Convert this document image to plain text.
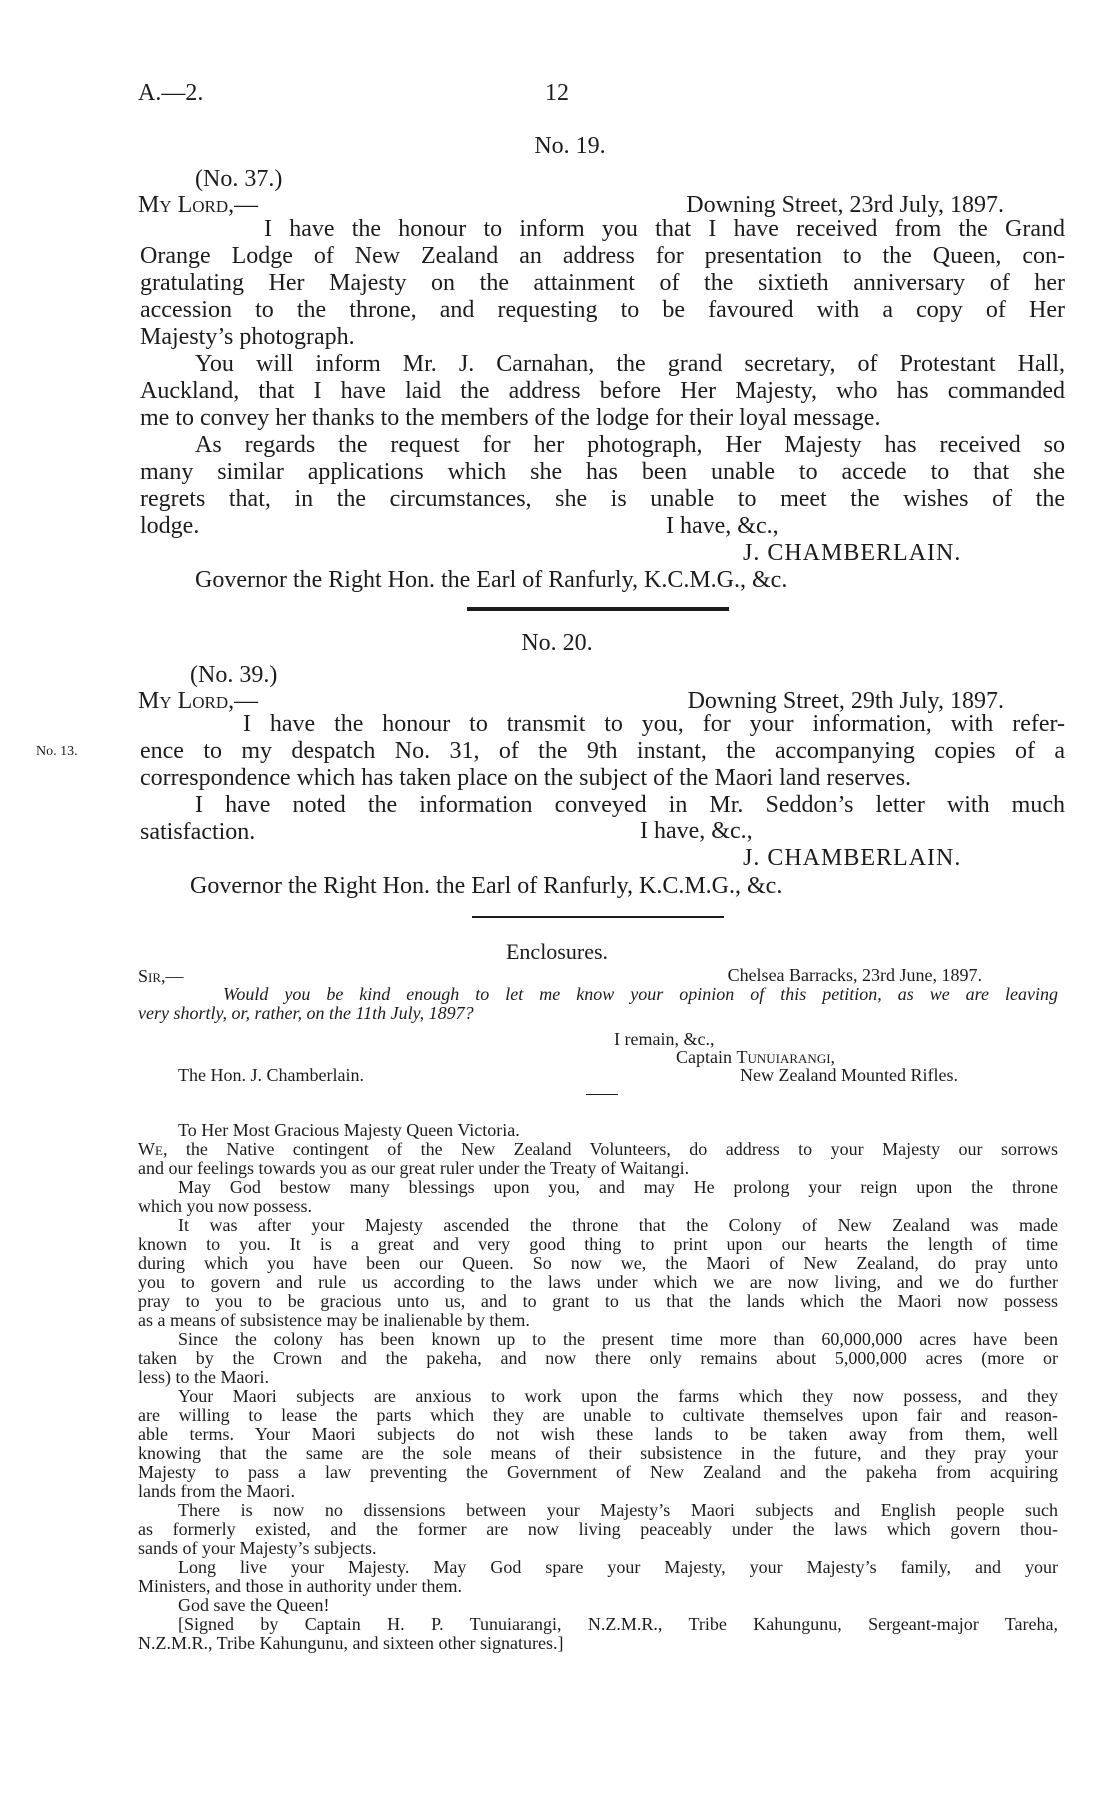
A.—2.	12
No. 19.
(No. 37.)
My Lord,—	Downing Street, 23rd July, 1897.

I have the honour to inform you that I have received from the Grand

Orange Lodge of New Zealand an address for presentation to the Queen, con-

gratulating Her Majesty on the attainment of the sixtieth anniversary of her

accession to the throne, and requesting to be favoured with a copy of Her

Majesty’s photograph.

You will inform Mr. J. Carnahan, the grand secretary, of Protestant Hall,

Auckland, that I have laid the address before Her Majesty, who has commanded

me to convey her thanks to the members of the lodge for their loyal message.

As regards the request for her photograph, Her Majesty has received so

many similar applications which she has been unable to accede to that she

regrets that, in the circumstances, she is unable to meet the wishes of the

lodge.	I have, &c.,
J. CHAMBERLAIN.
Governor the Right Hon. the Earl of Ranfurly, K.C.M.G., &c.
No. 20.
(No. 39.)
My Lord,—	Downing Street, 29th July, 1897.
No. 13.

I have the honour to transmit to you, for your information, with refer-

ence to my despatch No. 31, of the 9th instant, the accompanying copies of a

correspondence which has taken place on the subject of the Maori land reserves.

I have noted the information conveyed in Mr. Seddon’s letter with much

satisfaction.	I have, &c.,
J. CHAMBERLAIN.
Governor the Right Hon. the Earl of Ranfurly, K.C.M.G., &c.
Enclosures.
Sir,—	Chelsea Barracks, 23rd June, 1897.

Would you be kind enough to let me know your opinion of this petition, as we are leaving

very shortly, or, rather, on the 11th July, 1897?

I remain, &c.,
Captain Tunuiarangi,
New Zealand Mounted Rifles.
The Hon. J. Chamberlain.
To Her Most Gracious Majesty Queen Victoria.

We, the Native contingent of the New Zealand Volunteers, do address to your Majesty our sorrows

and our feelings towards you as our great ruler under the Treaty of Waitangi.

May God bestow many blessings upon you, and may He prolong your reign upon the throne

which you now possess.

It was after your Majesty ascended the throne that the Colony of New Zealand was made

known to you. It is a great and very good thing to print upon our hearts the length of time

during which you have been our Queen. So now we, the Maori of New Zealand, do pray unto

you to govern and rule us according to the laws under which we are now living, and we do further

pray to you to be gracious unto us, and to grant to us that the lands which the Maori now possess

as a means of subsistence may be inalienable by them.

Since the colony has been known up to the present time more than 60,000,000 acres have been

taken by the Crown and the pakeha, and now there only remains about 5,000,000 acres (more or

less) to the Maori.

Your Maori subjects are anxious to work upon the farms which they now possess, and they

are willing to lease the parts which they are unable to cultivate themselves upon fair and reason-

able terms. Your Maori subjects do not wish these lands to be taken away from them, well

knowing that the same are the sole means of their subsistence in the future, and they pray your

Majesty to pass a law preventing the Government of New Zealand and the pakeha from acquiring

lands from the Maori.

There is now no dissensions between your Majesty’s Maori subjects and English people such

as formerly existed, and the former are now living peaceably under the laws which govern thou-

sands of your Majesty’s subjects.

Long live your Majesty. May God spare your Majesty, your Majesty’s family, and your

Ministers, and those in authority under them.

God save the Queen!

[Signed by Captain H. P. Tunuiarangi, N.Z.M.R., Tribe Kahungunu, Sergeant-major Tareha,

N.Z.M.R., Tribe Kahungunu, and sixteen other signatures.]
